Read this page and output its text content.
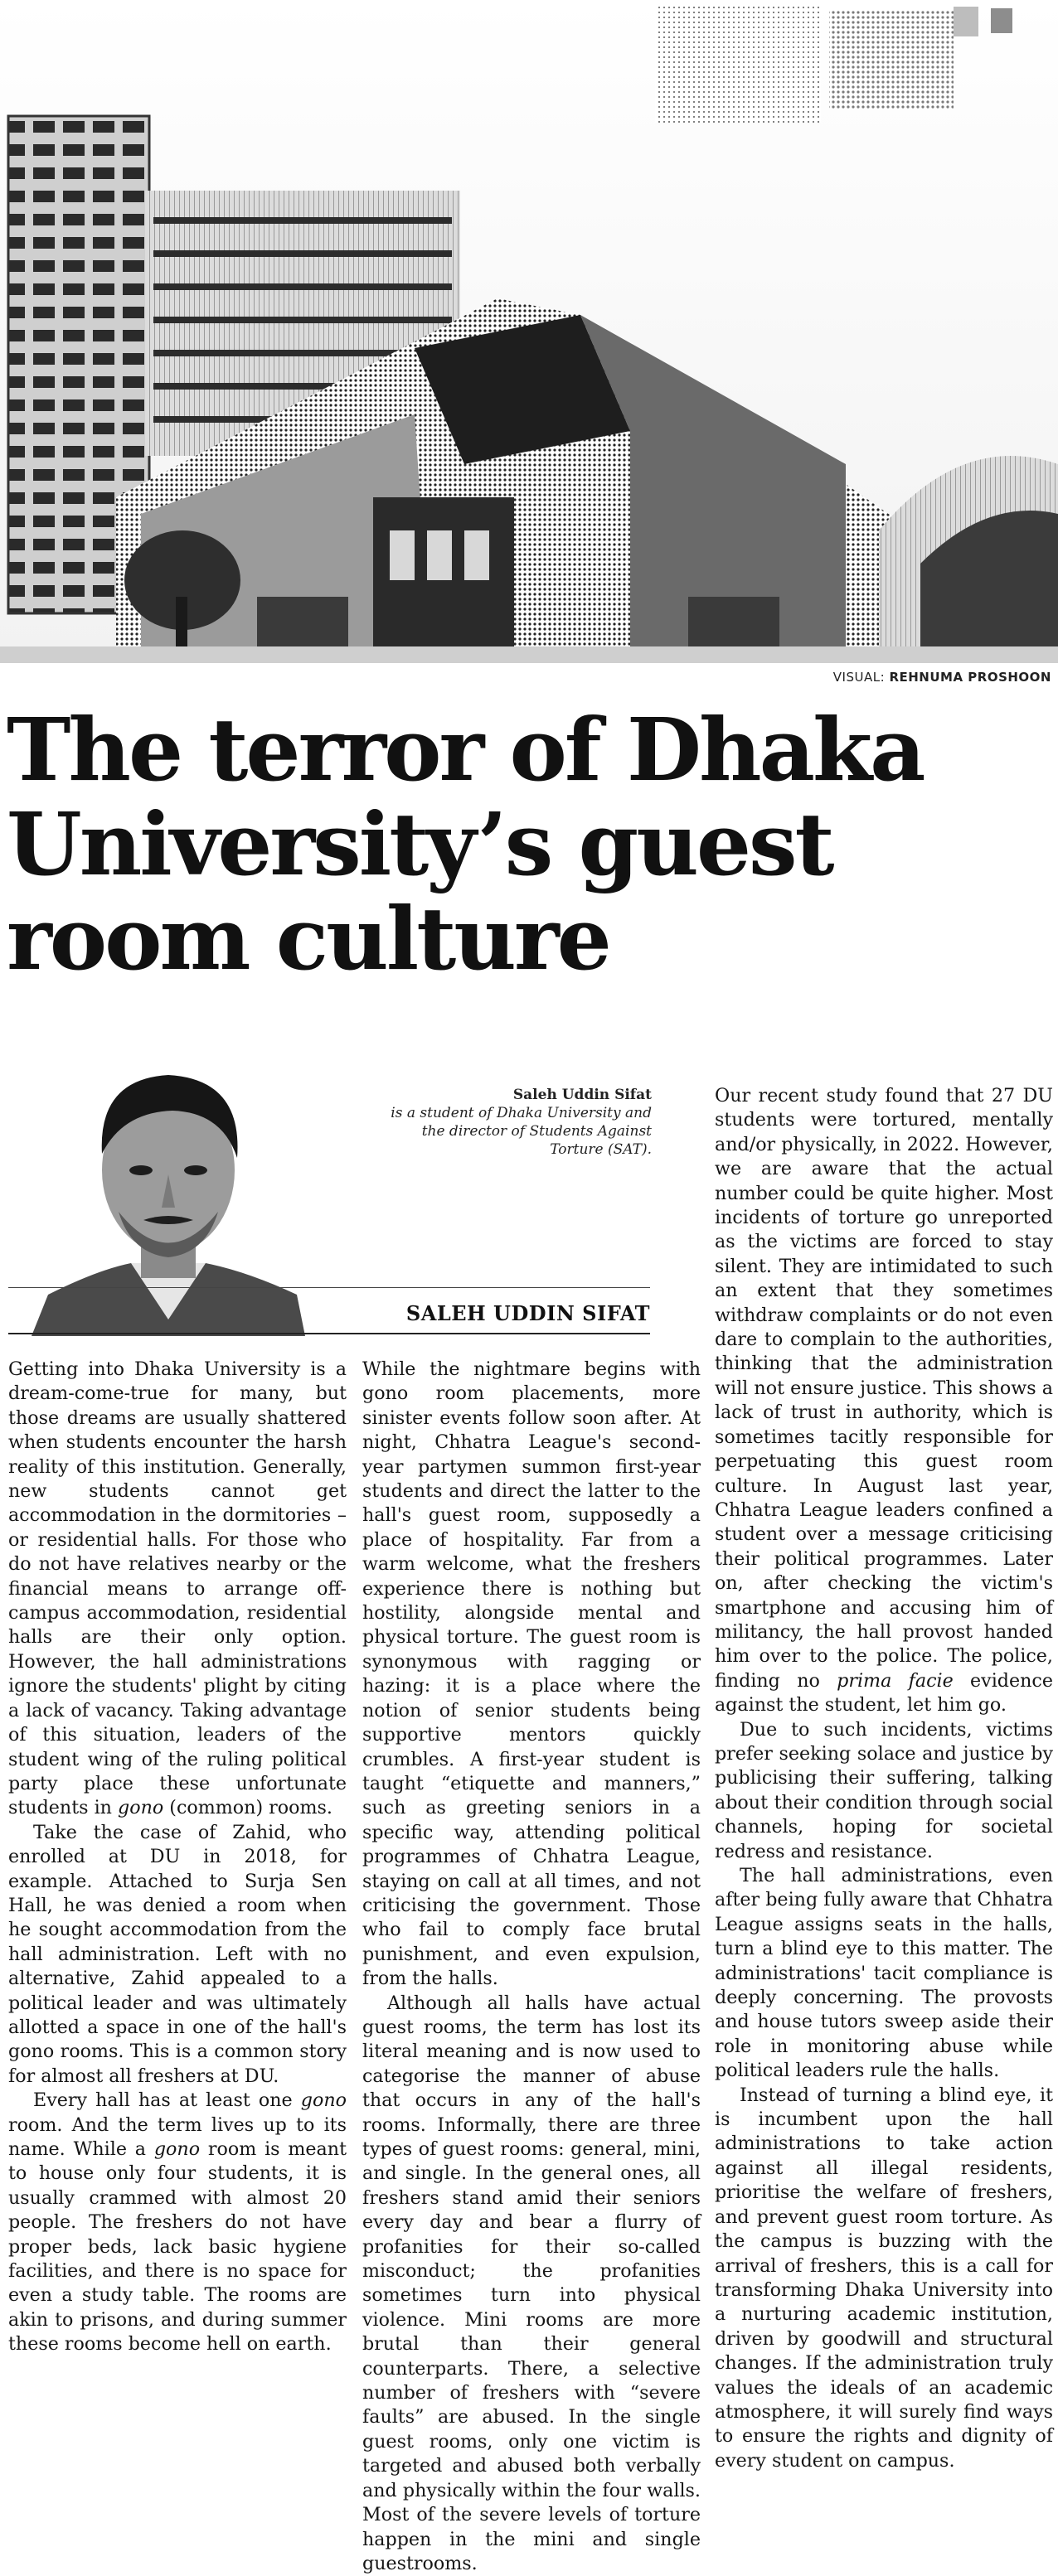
VISUAL: REHNUMA PROSHOON
The terror of Dhaka
University’s guest
room culture
Saleh Uddin Sifat
is a student of Dhaka University and the director of Students Against Torture (SAT).
SALEH UDDIN SIFAT

Getting into Dhaka University is a dream-come-true for many, but those dreams are usually shattered when students encounter the harsh reality of this institution. Generally, new students cannot get accommodation in the dormitories – or residential halls. For those who do not have relatives nearby or the financial means to arrange off-campus accommodation, residential halls are their only option. However, the hall administrations ignore the students' plight by citing a lack of vacancy. Taking advantage of this situation, leaders of the student wing of the ruling political party place these unfortunate students in gono (common) rooms.

Take the case of Zahid, who enrolled at DU in 2018, for example. Attached to Surja Sen Hall, he was denied a room when he sought accommodation from the hall administration. Left with no alternative, Zahid appealed to a political leader and was ultimately allotted a space in one of the hall's gono rooms. This is a common story for almost all freshers at DU.

Every hall has at least one gono room. And the term lives up to its name. While a gono room is meant to house only four students, it is usually crammed with almost 20 people. The freshers do not have proper beds, lack basic hygiene facilities, and there is no space for even a study table. The rooms are akin to prisons, and during summer these rooms become hell on earth.

While the nightmare begins with gono room placements, more sinister events follow soon after. At night, Chhatra League's second-year partymen summon first-year students and direct the latter to the hall's guest room, supposedly a place of hospitality. Far from a warm welcome, what the freshers experience there is nothing but hostility, alongside mental and physical torture. The guest room is synonymous with ragging or hazing: it is a place where the notion of senior students being supportive mentors quickly crumbles. A first-year student is taught “etiquette and manners,” such as greeting seniors in a specific way, attending political programmes of Chhatra League, staying on call at all times, and not criticising the government. Those who fail to comply face brutal punishment, and even expulsion, from the halls.

Although all halls have actual guest rooms, the term has lost its literal meaning and is now used to categorise the manner of abuse that occurs in any of the hall's rooms. Informally, there are three types of guest rooms: general, mini, and single. In the general ones, all freshers stand amid their seniors every day and bear a flurry of profanities for their so-called misconduct; the profanities sometimes turn into physical violence. Mini rooms are more brutal than their general counterparts. There, a selective number of freshers with “severe faults” are abused. In the single guest rooms, only one victim is targeted and abused both verbally and physically within the four walls. Most of the severe levels of torture happen in the mini and single guestrooms.

Our recent study found that 27 DU students were tortured, mentally and/or physically, in 2022. However, we are aware that the actual number could be quite higher. Most incidents of torture go unreported as the victims are forced to stay silent. They are intimidated to such an extent that they sometimes withdraw complaints or do not even dare to complain to the authorities, thinking that the administration will not ensure justice. This shows a lack of trust in authority, which is sometimes tacitly responsible for perpetuating this guest room culture. In August last year, Chhatra League leaders confined a student over a message criticising their political programmes. Later on, after checking the victim's smartphone and accusing him of militancy, the hall provost handed him over to the police. The police, finding no prima facie evidence against the student, let him go.

Due to such incidents, victims prefer seeking solace and justice by publicising their suffering, talking about their condition through social channels, hoping for societal redress and resistance.

The hall administrations, even after being fully aware that Chhatra League assigns seats in the halls, turn a blind eye to this matter. The administrations' tacit compliance is deeply concerning. The provosts and house tutors sweep aside their role in monitoring abuse while political leaders rule the halls.

Instead of turning a blind eye, it is incumbent upon the hall administrations to take action against all illegal residents, prioritise the welfare of freshers, and prevent guest room torture. As the campus is buzzing with the arrival of freshers, this is a call for transforming Dhaka University into a nurturing academic institution, driven by goodwill and structural changes. If the administration truly values the ideals of an academic atmosphere, it will surely find ways to ensure the rights and dignity of every student on campus.
